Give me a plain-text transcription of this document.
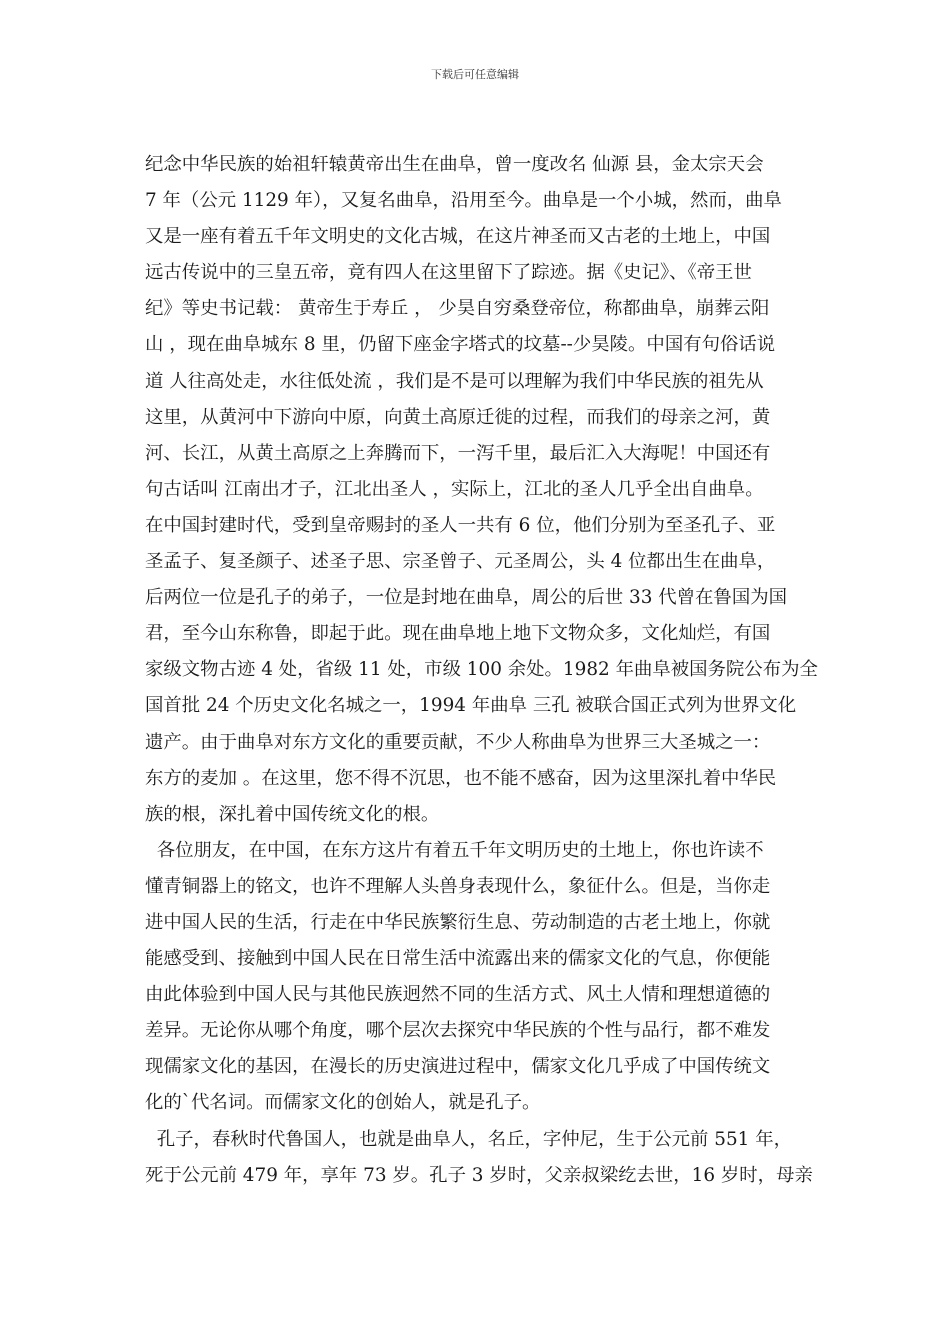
下载后可任意编辑
纪念中华民族的始祖轩辕黄帝出生在曲阜，曾一度改名 仙源 县，金太宗天会
7 年（公元 1129 年），又复名曲阜，沿用至今。曲阜是一个小城，然而，曲阜
又是一座有着五千年文明史的文化古城，在这片神圣而又古老的土地上，中国
远古传说中的三皇五帝，竟有四人在这里留下了踪迹。据《史记》、《帝王世
纪》等史书记载： 黄帝生于寿丘 ， 少昊自穷桑登帝位，称都曲阜，崩葬云阳
山 ，现在曲阜城东 8 里，仍留下座金字塔式的坟墓--少昊陵。中国有句俗话说
道 人往高处走，水往低处流 ，我们是不是可以理解为我们中华民族的祖先从
这里，从黄河中下游向中原，向黄土高原迁徙的过程，而我们的母亲之河，黄
河、长江，从黄土高原之上奔腾而下，一泻千里，最后汇入大海呢！中国还有
句古话叫 江南出才子，江北出圣人 ，实际上，江北的圣人几乎全出自曲阜。
在中国封建时代，受到皇帝赐封的圣人一共有 6 位，他们分别为至圣孔子、亚
圣孟子、复圣颜子、述圣子思、宗圣曾子、元圣周公，头 4 位都出生在曲阜，
后两位一位是孔子的弟子，一位是封地在曲阜，周公的后世 33 代曾在鲁国为国
君，至今山东称鲁，即起于此。现在曲阜地上地下文物众多，文化灿烂，有国
家级文物古迹 4 处，省级 11 处，市级 100 余处。1982 年曲阜被国务院公布为全
国首批 24 个历史文化名城之一，1994 年曲阜 三孔 被联合国正式列为世界文化
遗产。由于曲阜对东方文化的重要贡献，不少人称曲阜为世界三大圣城之一：
东方的麦加 。在这里，您不得不沉思，也不能不感奋，因为这里深扎着中华民
族的根，深扎着中国传统文化的根。
各位朋友，在中国，在东方这片有着五千年文明历史的土地上，你也许读不
懂青铜器上的铭文，也许不理解人头兽身表现什么，象征什么。但是，当你走
进中国人民的生活，行走在中华民族繁衍生息、劳动制造的古老土地上，你就
能感受到、接触到中国人民在日常生活中流露出来的儒家文化的气息，你便能
由此体验到中国人民与其他民族迥然不同的生活方式、风土人情和理想道德的
差异。无论你从哪个角度，哪个层次去探究中华民族的个性与品行，都不难发
现儒家文化的基因，在漫长的历史演进过程中，儒家文化几乎成了中国传统文
化的`代名词。而儒家文化的创始人，就是孔子。
孔子，春秋时代鲁国人，也就是曲阜人，名丘，字仲尼，生于公元前 551 年，
死于公元前 479 年，享年 73 岁。孔子 3 岁时，父亲叔梁纥去世，16 岁时，母亲
